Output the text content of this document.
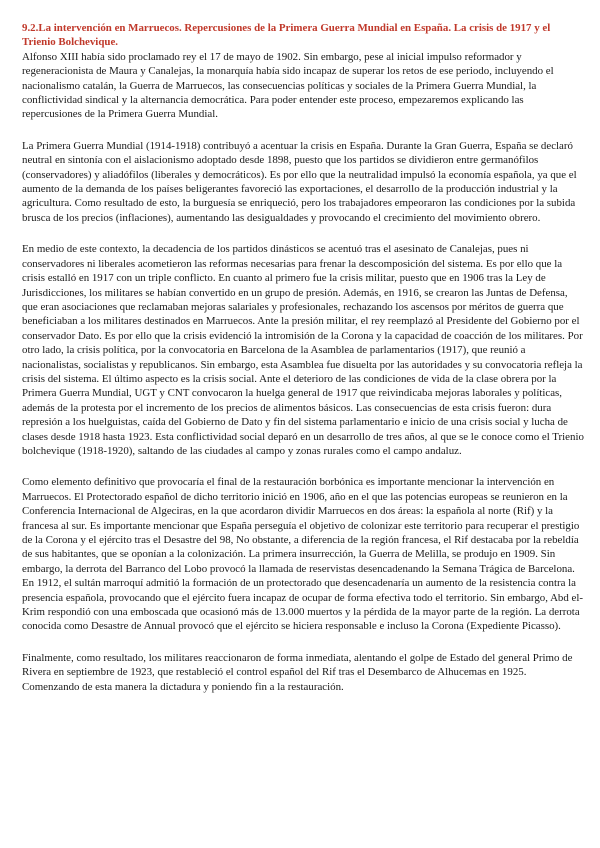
9.2.La intervención en Marruecos. Repercusiones de la Primera Guerra Mundial en España. La crisis de 1917 y el Trienio Bolchevique.

Alfonso XIII había sido proclamado rey el 17 de mayo de 1902. Sin embargo, pese al inicial impulso reformador y regeneracionista de Maura y Canalejas, la monarquía había sido incapaz de superar los retos de ese periodo, incluyendo el nacionalismo catalán, la Guerra de Marruecos, las consecuencias políticas y sociales de la Primera Guerra Mundial, la conflictividad sindical y la alternancia democrática. Para poder entender este proceso, empezaremos explicando las repercusiones de la Primera Guerra Mundial.

La Primera Guerra Mundial (1914-1918) contribuyó a acentuar la crisis en España. Durante la Gran Guerra, España se declaró neutral en sintonía con el aislacionismo adoptado desde 1898, puesto que los partidos se dividieron entre germanófilos (conservadores) y aliadófilos (liberales y democráticos). Es por ello que la neutralidad impulsó la economía española, ya que el aumento de la demanda de los países beligerantes favoreció las exportaciones, el desarrollo de la producción industrial y la agricultura. Como resultado de esto, la burguesía se enriqueció, pero los trabajadores empeoraron las condiciones por la subida brusca de los precios (inflaciones), aumentando las desigualdades y provocando el crecimiento del movimiento obrero.

En medio de este contexto, la decadencia de los partidos dinásticos se acentuó tras el asesinato de Canalejas, pues ni conservadores ni liberales acometieron las reformas necesarias para frenar la descomposición del sistema. Es por ello que la crisis estalló en 1917 con un triple conflicto. En cuanto al primero fue la crisis militar, puesto que en 1906 tras la Ley de Jurisdicciones, los militares se habían convertido en un grupo de presión. Además, en 1916, se crearon las Juntas de Defensa, que eran asociaciones que reclamaban mejoras salariales y profesionales, rechazando los ascensos por méritos de guerra que beneficiaban a los militares destinados en Marruecos. Ante la presión militar, el rey reemplazó al Presidente del Gobierno por el conservador Dato. Es por ello que la crisis evidenció la intromisión de la Corona y la capacidad de coacción de los militares. Por otro lado, la crisis política, por la convocatoria en Barcelona de la Asamblea de parlamentarios (1917), que reunió a nacionalistas, socialistas y republicanos. Sin embargo, esta Asamblea fue disuelta por las autoridades y su convocatoria refleja la crisis del sistema. El último aspecto es la crisis social. Ante el deterioro de las condiciones de vida de la clase obrera por la Primera Guerra Mundial, UGT y CNT convocaron la huelga general de 1917 que reivindicaba mejoras laborales y políticas, además de la protesta por el incremento de los precios de alimentos básicos. Las consecuencias de esta crisis fueron: dura represión a los huelguistas, caída del Gobierno de Dato y fin del sistema parlamentario e inicio de una crisis social y lucha de clases desde 1918 hasta 1923. Esta conflictividad social deparó en un desarrollo de tres años, al que se le conoce como el Trienio bolchevique (1918-1920), saltando de las ciudades al campo y zonas rurales como el campo andaluz.

Como elemento definitivo que provocaría el final de la restauración borbónica es importante mencionar la intervención en Marruecos. El Protectorado español de dicho territorio inició en 1906, año en el que las potencias europeas se reunieron en la Conferencia Internacional de Algeciras, en la que acordaron dividir Marruecos en dos áreas: la española al norte (Rif) y la francesa al sur. Es importante mencionar que España perseguía el objetivo de colonizar este territorio para recuperar el prestigio de la Corona y el ejército tras el Desastre del 98, No obstante, a diferencia de la región francesa, el Rif destacaba por la rebeldía de sus habitantes, que se oponían a la colonización. La primera insurrección, la Guerra de Melilla, se produjo en 1909. Sin embargo, la derrota del Barranco del Lobo provocó la llamada de reservistas desencadenando la Semana Trágica de Barcelona. En 1912, el sultán marroquí admitió la formación de un protectorado que desencadenaría un aumento de la resistencia contra la presencia española, provocando que el ejército fuera incapaz de ocupar de forma efectiva todo el territorio. Sin embargo, Abd el-Krim respondió con una emboscada que ocasionó más de 13.000 muertos y la pérdida de la mayor parte de la región. La derrota conocida como Desastre de Annual provocó que el ejército se hiciera responsable e incluso la Corona (Expediente Picasso).

Finalmente, como resultado, los militares reaccionaron de forma inmediata, alentando el golpe de Estado del general Primo de Rivera en septiembre de 1923, que restableció el control español del Rif tras el Desembarco de Alhucemas en 1925. Comenzando de esta manera la dictadura y poniendo fin a la restauración.
